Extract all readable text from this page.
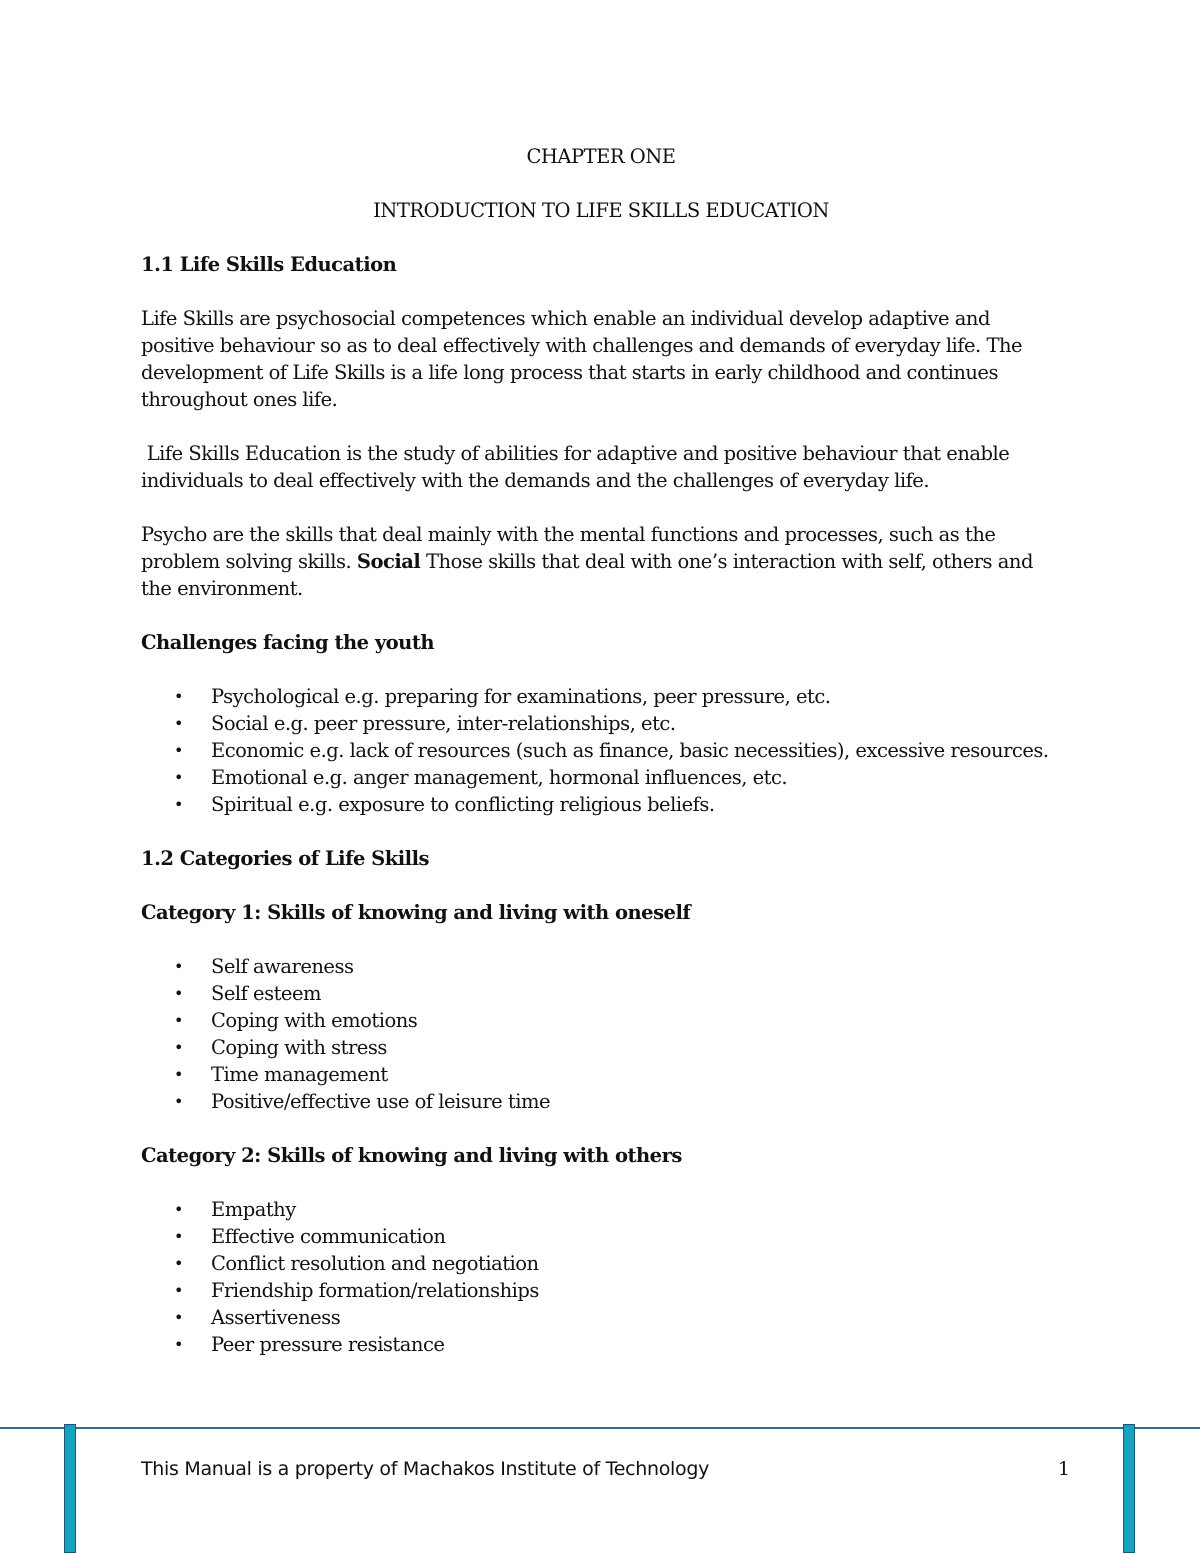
CHAPTER ONE

INTRODUCTION TO LIFE SKILLS EDUCATION

1.1 Life Skills Education

Life Skills are psychosocial competences which enable an individual develop adaptive and positive behaviour so as to deal effectively with challenges and demands of everyday life. The development of Life Skills is a life long process that starts in early childhood and continues throughout ones life.

Life Skills Education is the study of abilities for adaptive and positive behaviour that enable individuals to deal effectively with the demands and the challenges of everyday life.

Psycho are the skills that deal mainly with the mental functions and processes, such as the problem solving skills. Social Those skills that deal with one’s interaction with self, others and the environment.

Challenges facing the youth

• Psychological e.g. preparing for examinations, peer pressure, etc.
• Social e.g. peer pressure, inter-relationships, etc.
• Economic e.g. lack of resources (such as finance, basic necessities), excessive resources.
• Emotional e.g. anger management, hormonal influences, etc.
• Spiritual e.g. exposure to conflicting religious beliefs.

1.2 Categories of Life Skills

Category 1: Skills of knowing and living with oneself

• Self awareness
• Self esteem
• Coping with emotions
• Coping with stress
• Time management
• Positive/effective use of leisure time

Category 2: Skills of knowing and living with others

• Empathy
• Effective communication
• Conflict resolution and negotiation
• Friendship formation/relationships
• Assertiveness
• Peer pressure resistance
This Manual is a property of Machakos Institute of Technology	1
